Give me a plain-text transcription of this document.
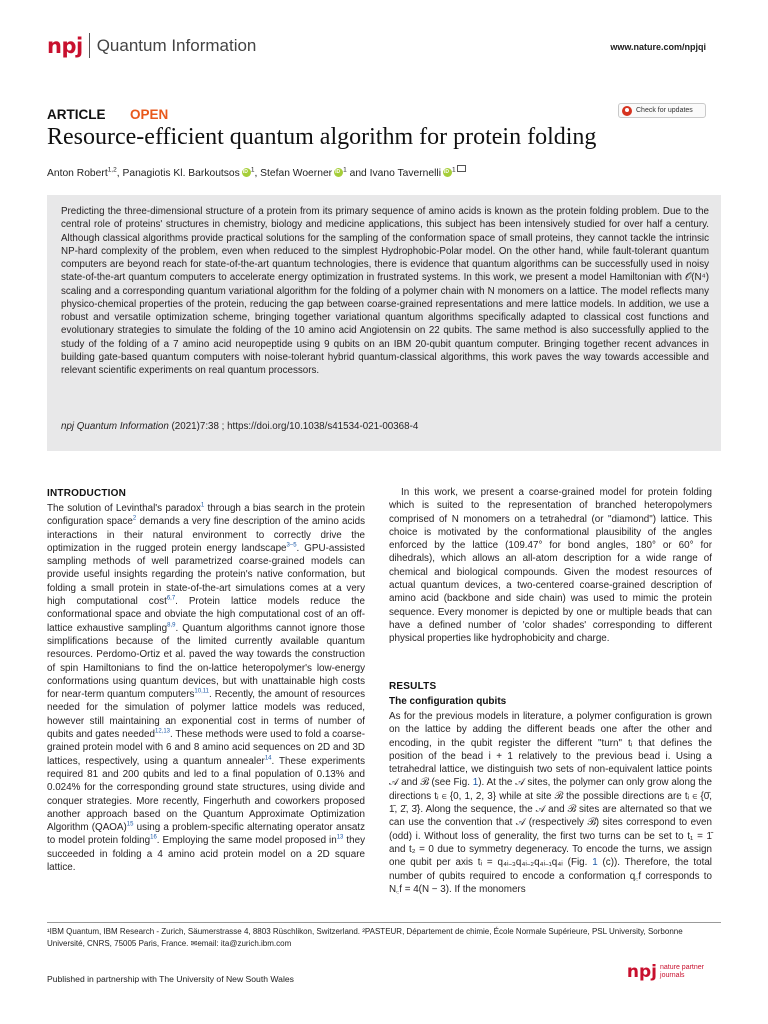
npj Quantum Information	www.nature.com/npjqi
ARTICLE OPEN	Check for updates
Resource-efficient quantum algorithm for protein folding
Anton Robert$^{1,2}$, Panagiotis Kl. Barkoutsos iD $^1$, Stefan Woerner iD $^1$ and Ivano Tavernelli iD $^1$

Predicting the three-dimensional structure of a protein from its primary sequence of amino acids is known as the protein folding problem. Due to the central role of proteins' structures in chemistry, biology and medicine applications, this subject has been intensively studied for over half a century. Although classical algorithms provide practical solutions for the sampling of the conformation space of small proteins, they cannot tackle the intrinsic NP-hard complexity of the problem, even when reduced to the simplest Hydrophobic-Polar model. On the other hand, while fault-tolerant quantum computers are beyond reach for state-of-the-art quantum technologies, there is evidence that quantum algorithms can be successfully used in noisy state-of-the-art quantum computers to accelerate energy optimization in frustrated systems. In this work, we present a model Hamiltonian with 𝒪(N⁴) scaling and a corresponding quantum variational algorithm for the folding of a polymer chain with N monomers on a lattice. The model reflects many physico-chemical properties of the protein, reducing the gap between coarse-grained representations and mere lattice models. In addition, we use a robust and versatile optimization scheme, bringing together variational quantum algorithms specifically adapted to classical cost functions and evolutionary strategies to simulate the folding of the 10 amino acid Angiotensin on 22 qubits. The same method is also successfully applied to the study of the folding of a 7 amino acid neuropeptide using 9 qubits on an IBM 20-qubit quantum computer. Bringing together recent advances in building gate-based quantum computers with noise-tolerant hybrid quantum-classical algorithms, this work paves the way towards accessible and relevant scientific experiments on real quantum processors.

npj Quantum Information (2021)7:38 ; https://doi.org/10.1038/s41534-021-00368-4
INTRODUCTION

The solution of Levinthal's paradox$^1$ through a bias search in the protein configuration space$^2$ demands a very fine description of the amino acids interactions in their natural environment to correctly drive the optimization in the rugged protein energy landscape$^{3-5}$. GPU-assisted sampling methods of well parametrized coarse-grained models can provide useful insights regarding the protein's native conformation, but folding a small protein in state-of-the-art simulations comes at a very high computational cost$^{6,7}$. Protein lattice models reduce the conformational space and obviate the high computational cost of an off-lattice exhaustive sampling$^{8,9}$. Quantum algorithms cannot ignore those simplifications because of the limited currently available quantum resources. Perdomo-Ortiz et al. paved the way towards the construction of spin Hamiltonians to find the on-lattice heteropolymer's low-energy conformations using quantum devices, but with unattainable high costs for near-term quantum computers$^{10,11}$. Recently, the amount of resources needed for the simulation of polymer lattice models was reduced, however still maintaining an exponential cost in terms of number of qubits and gates needed$^{12,13}$. These methods were used to fold a coarse-grained protein model with 6 and 8 amino acid sequences on 2D and 3D lattices, respectively, using a quantum annealer$^{14}$. These experiments required 81 and 200 qubits and led to a final population of 0.13% and 0.024% for the corresponding ground state structures, using divide and conquer strategies. More recently, Fingerhuth and coworkers proposed another approach based on the Quantum Approximate Optimization Algorithm (QAOA)$^{15}$ using a problem-specific alternating operator ansatz to model protein folding$^{16}$. Employing the same model proposed $in^{13}$ they succeeded in folding a 4 amino acid protein model on a 2D square lattice.

In this work, we present a coarse-grained model for protein folding which is suited to the representation of branched heteropolymers comprised of N monomers on a tetrahedral (or "diamond") lattice. This choice is motivated by the conformational plausibility of the angles enforced by the lattice (109.47° for bond angles, 180° or 60° for dihedrals), which allows an all-atom description for a wide range of chemical and biological compounds. Given the modest resources of actual quantum devices, a two-centered coarse-grained description of amino acid (backbone and side chain) was used to mimic the protein sequence. Every monomer is depicted by one or multiple beads that can have a defined number of 'color shades' corresponding to different physical properties like hydrophobicity and charge.

RESULTS
The configuration qubits

As for the previous models in literature, a polymer configuration is grown on the lattice by adding the different beads one after the other and encoding, in the qubit register the different "turn" tᵢ that defines the position of the bead i + 1 relatively to the previous bead i. Using a tetrahedral lattice, we distinguish two sets of non-equivalent lattice points 𝒜 and ℬ (see Fig. 1). At the 𝒜 sites, the polymer can only grow along the directions tᵢ ∈ {0, 1, 2, 3} while at site ℬ the possible directions are tᵢ ∈ {0̄, 1̄, 2̄, 3̄}. Along the sequence, the 𝒜 and ℬ sites are alternated so that we can use the convention that 𝒜 (respectively ℬ) sites correspond to even (odd) i. Without loss of generality, the first two turns can be set to t₁ = 1̄ and t₂ = 0 due to symmetry degeneracy. To encode the turns, we assign one qubit per axis tᵢ = q₄ᵢ₋₃q₄ᵢ₋₂q₄ᵢ₋₁q₄ᵢ (Fig. 1 (c)). Therefore, the total number of qubits required to encode a conformation q꜀f corresponds to N꜀f = 4(N − 3). If the monomers

¹IBM Quantum, IBM Research - Zurich, Säumerstrasse 4, 8803 Rüschlikon, Switzerland. ²PASTEUR, Département de chimie, École Normale Supérieure, PSL University, Sorbonne Université, CNRS, 75005 Paris, France. ✉email: ita@zurich.ibm.com

Published in partnership with The University of New South Wales	npj nature partner
journals
